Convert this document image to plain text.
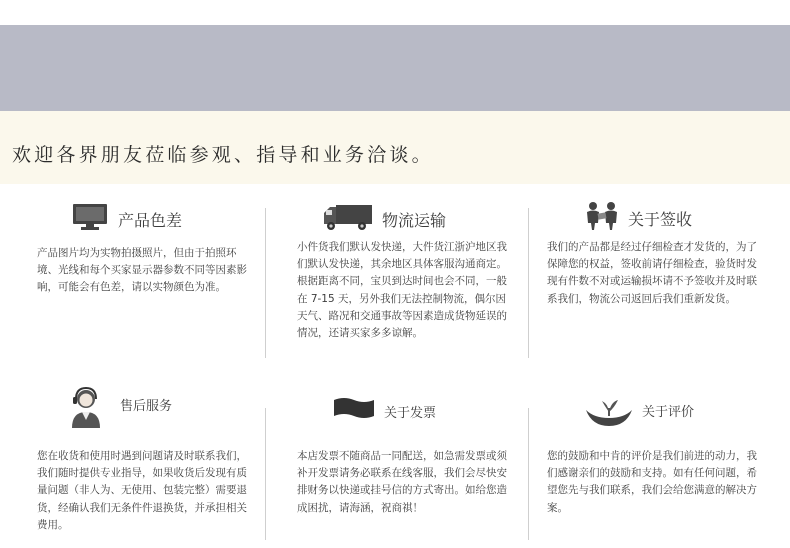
欢迎各界朋友莅临参观、指导和业务洽谈。
产品色差

产品图片均为实物拍摄照片，但由于拍照环境、光线和每个买家显示器参数不同等因素影响，可能会有色差，请以实物颜色为准。

物流运输

小件货我们默认发快递，大件货江浙沪地区我们默认发快递，其余地区具体客服沟通商定。

根据距离不同，宝贝到达时间也会不同，一般在 7-15 天，另外我们无法控制物流，偶尔因天气、路况和交通事故等因素造成货物延误的情况，还请买家多多谅解。

关于签收

我们的产品都是经过仔细检查才发货的，为了保障您的权益，签收前请仔细检查，验货时发现有件数不对或运输损坏请不予签收并及时联系我们，物流公司返回后我们重新发货。

售后服务

您在收货和使用时遇到问题请及时联系我们，我们随时提供专业指导，如果收货后发现有质量问题（非人为、无使用、包装完整）需要退货，经确认我们无条件件退换货，并承担相关费用。

关于发票

本店发票不随商品一同配送，如急需发票或须补开发票请务必联系在线客服，我们会尽快安排财务以快递或挂号信的方式寄出。如给您造成困扰，请海涵，祝商祺！

关于评价

您的鼓励和中肯的评价是我们前进的动力，我们感谢亲们的鼓励和支持。如有任何问题，希望您先与我们联系，我们会给您满意的解决方案。
